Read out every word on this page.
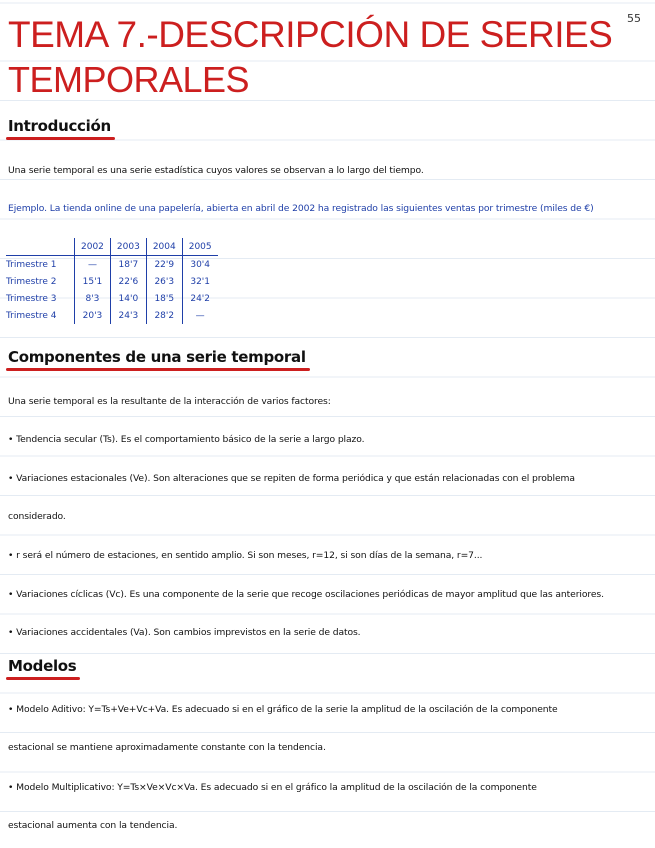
55
TEMA 7.-DESCRIPCIÓN DE SERIES
TEMPORALES
Introducción
Una serie temporal es una serie estadística cuyos valores se observan a lo largo del tiempo.
Ejemplo. La tienda online de una papelería, abierta en abril de 2002 ha registrado las siguientes ventas por trimestre (miles de €)
	2002	2003	2004	2005
Trimestre 1	—	18'7	22'9	30'4
Trimestre 2	15'1	22'6	26'3	32'1
Trimestre 3	8'3	14'0	18'5	24'2
Trimestre 4	20'3	24'3	28'2	—
Componentes de una serie temporal
Una serie temporal es la resultante de la interacción de varios factores:
• Tendencia secular (Ts). Es el comportamiento básico de la serie a largo plazo.
• Variaciones estacionales (Ve). Son alteraciones que se repiten de forma periódica y que están relacionadas con el problema
considerado.
• r será el número de estaciones, en sentido amplio. Si son meses, r=12, si son días de la semana, r=7...
• Variaciones cíclicas (Vc). Es una componente de la serie que recoge oscilaciones periódicas de mayor amplitud que las anteriores.
• Variaciones accidentales (Va). Son cambios imprevistos en la serie de datos.
Modelos
• Modelo Aditivo: Y=Ts+Ve+Vc+Va. Es adecuado si en el gráfico de la serie la amplitud de la oscilación de la componente
estacional se mantiene aproximadamente constante con la tendencia.
• Modelo Multiplicativo: Y=Ts×Ve×Vc×Va. Es adecuado si en el gráfico la amplitud de la oscilación de la componente
estacional aumenta con la tendencia.
